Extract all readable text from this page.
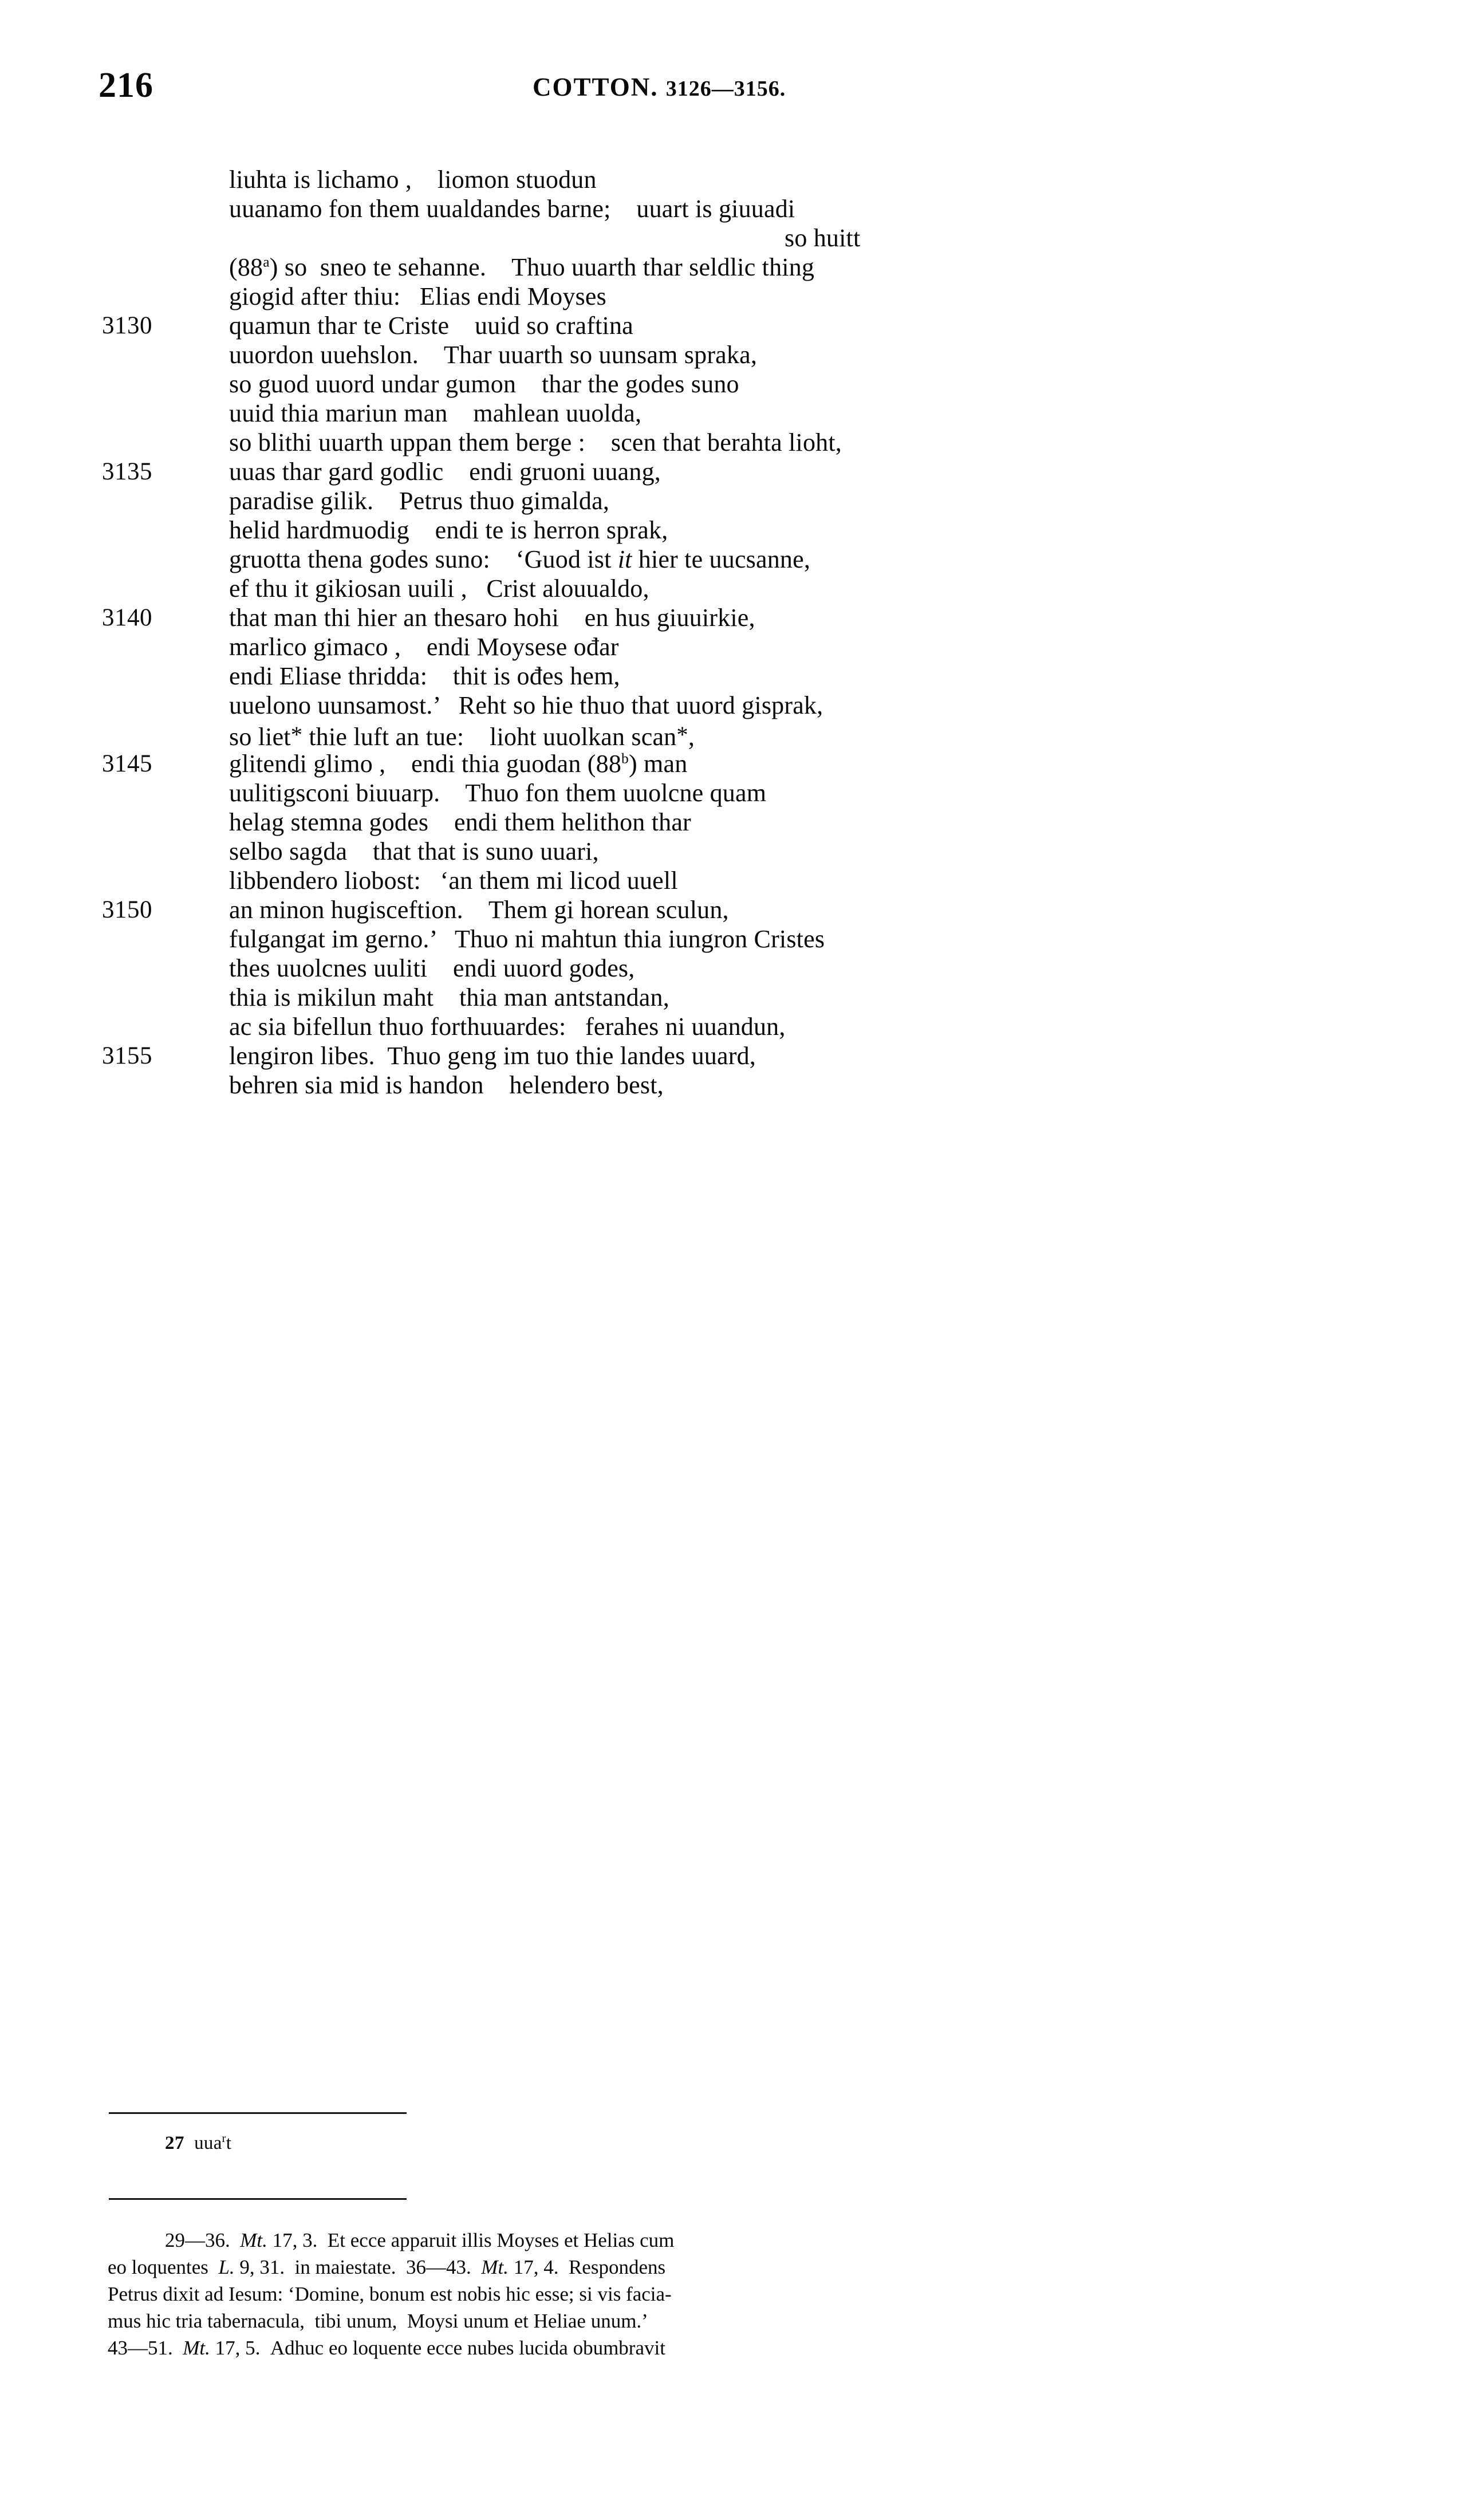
216	COTTON. 3126—3156.
liuhta is lichamo ,    liomon stuodun
uuanamo fon them uualdandes barne;    uuart is giuuadi
so huitt
(88$^a$) so  sneo te sehanne.    Thuo uuarth thar seldlic thing
giogid after thiu:   Elias endi Moyses
3130	quamun thar te Criste    uuid so craftina
uuordon uuehslon.    Thar uuarth so uunsam spraka,
so guod uuord undar gumon    thar the godes suno
uuid thia mariun man    mahlean uuolda,
so blithi uuarth uppan them berge :    scen that berahta lioht,
3135	uuas thar gard godlic    endi gruoni uuang,
paradise gilik.    Petrus thuo gimalda,
helid hardmuodig    endi te is herron sprak,
gruotta thena godes suno:    ‘Guod ist it hier te uucsanne,
ef thu it gikiosan uuili ,   Crist alouualdo,
3140	that man thi hier an thesaro hohi    en hus giuuirkie,
marlico gimaco ,    endi Moysese ođar
endi Eliase thridda:    thit is ođes hem,
uuelono uunsamost.’   Reht so hie thuo that uuord gisprak,
so liet* thie luft an tue:    lioht uuolkan scan*,
3145	glitendi glimo ,    endi thia guodan (88$^b$) man
uulitigsconi biuuarp.    Thuo fon them uuolcne quam
helag stemna godes    endi them helithon thar
selbo sagda    that that is suno uuari,
libbendero liobost:   ‘an them mi licod uuell
3150	an minon hugisceftion.    Them gi horean sculun,
fulgangat im gerno.’   Thuo ni mahtun thia iungron Cristes
thes uuolcnes uuliti    endi uuord godes,
thia is mikilun maht    thia man antstandan,
ac sia bifellun thuo forthuuardes:   ferahes ni uuandun,
3155	lengiron libes.  Thuo geng im tuo thie landes uuard,
behren sia mid is handon    helendero best,
27 uua$^r$t
29—36. Mt. 17, 3. Et ecce apparuit illis Moyses et Helias cum
eo loquentes L. 9, 31. in maiestate. 36—43. Mt. 17, 4. Respondens
Petrus dixit ad Iesum: ‘Domine, bonum est nobis hic esse; si vis facia-
mus hic tria tabernacula,  tibi unum,  Moysi unum et Heliae unum.’
43—51. Mt. 17, 5. Adhuc eo loquente ecce nubes lucida obumbravit
